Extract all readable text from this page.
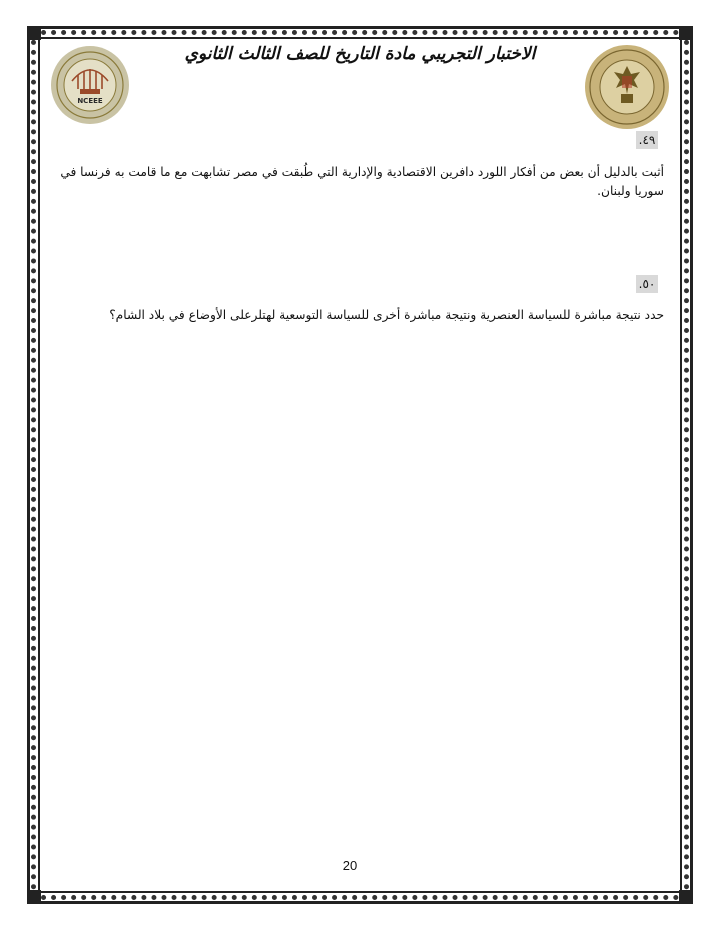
NCEEE
الاختبار التجريبي مادة التاريخ للصف الثالث الثانوي
٤٩.
أثبت بالدليل أن بعض من أفكار اللورد دافرين الاقتصادية والإدارية التي طُبقت في مصر تشابهت مع ما قامت به فرنسا في سوريا ولبنان.
٥٠.
حدد نتيجة مباشرة للسياسة العنصرية ونتيجة مباشرة أخرى للسياسة التوسعية لهتلرعلى الأوضاع في بلاد الشام؟
20
